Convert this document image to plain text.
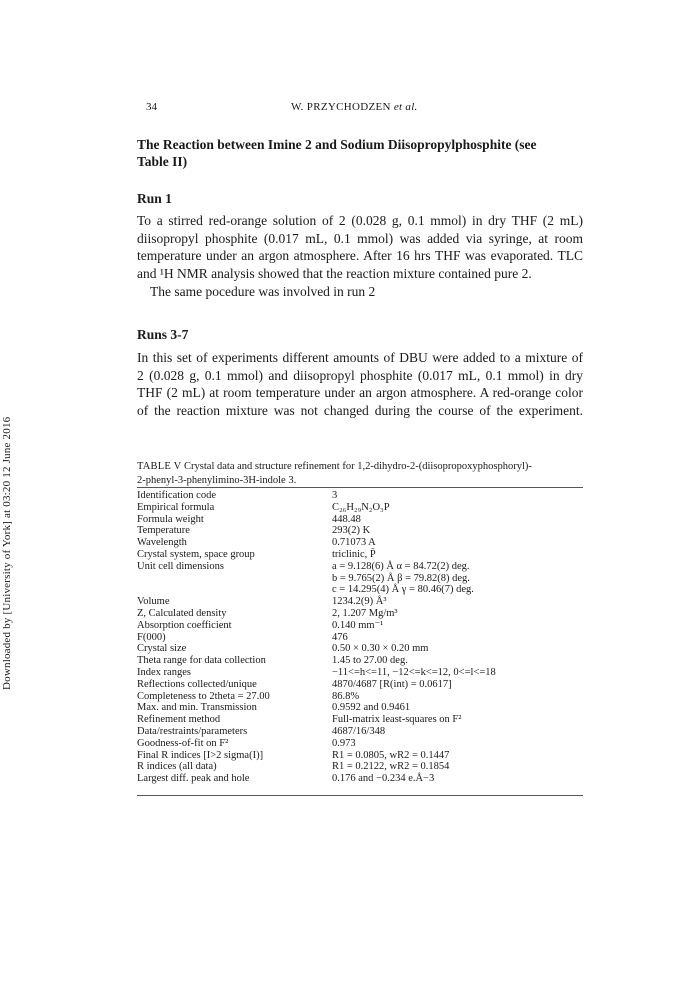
Downloaded by [University of York] at 03:20 12 June 2016
34	W. PRZYCHODZEN et al.
The Reaction between Imine 2 and Sodium Diisopropylphosphite (see
Table II)
Run 1
To a stirred red-orange solution of 2 (0.028 g, 0.1 mmol) in dry THF (2 mL)
diisopropyl phosphite (0.017 mL, 0.1 mmol) was added via syringe, at room
temperature under an argon atmosphere. After 16 hrs THF was evaporated. TLC
and ¹H NMR analysis showed that the reaction mixture contained pure 2.
The same pocedure was involved in run 2
Runs 3-7
In this set of experiments different amounts of DBU were added to a mixture of
2 (0.028 g, 0.1 mmol) and diisopropyl phosphite (0.017 mL, 0.1 mmol) in dry
THF (2 mL) at room temperature under an argon atmosphere. A red-orange color
of the reaction mixture was not changed during the course of the experiment.
TABLE V Crystal data and structure refinement for 1,2-dihydro-2-(diisopropoxyphosphoryl)-
2-phenyl-3-phenylimino-3H-indole 3.
Identification code	3
Empirical formula	C₂₆H₂₉N₂O₃P
Formula weight	448.48
Temperature	293(2) K
Wavelength	0.71073 A
Crystal system, space group	triclinic, P̄
Unit cell dimensions	a = 9.128(6) Å α = 84.72(2) deg.
	b = 9.765(2) Å β = 79.82(8) deg.
	c = 14.295(4) Å γ = 80.46(7) deg.
Volume	1234.2(9) Å³
Z, Calculated density	2, 1.207 Mg/m³
Absorption coefficient	0.140 mm⁻¹
F(000)	476
Crystal size	0.50 × 0.30 × 0.20 mm
Theta range for data collection	1.45 to 27.00 deg.
Index ranges	−11<=h<=11, −12<=k<=12, 0<=l<=18
Reflections collected/unique	4870/4687 [R(int) = 0.0617]
Completeness to 2theta = 27.00	86.8%
Max. and min. Transmission	0.9592 and 0.9461
Refinement method	Full-matrix least-squares on F²
Data/restraints/parameters	4687/16/348
Goodness-of-fit on F²	0.973
Final R indices [I>2 sigma(I)]	R1 = 0.0805, wR2 = 0.1447
R indices (all data)	R1 = 0.2122, wR2 = 0.1854
Largest diff. peak and hole	0.176 and −0.234 e.Å−3
